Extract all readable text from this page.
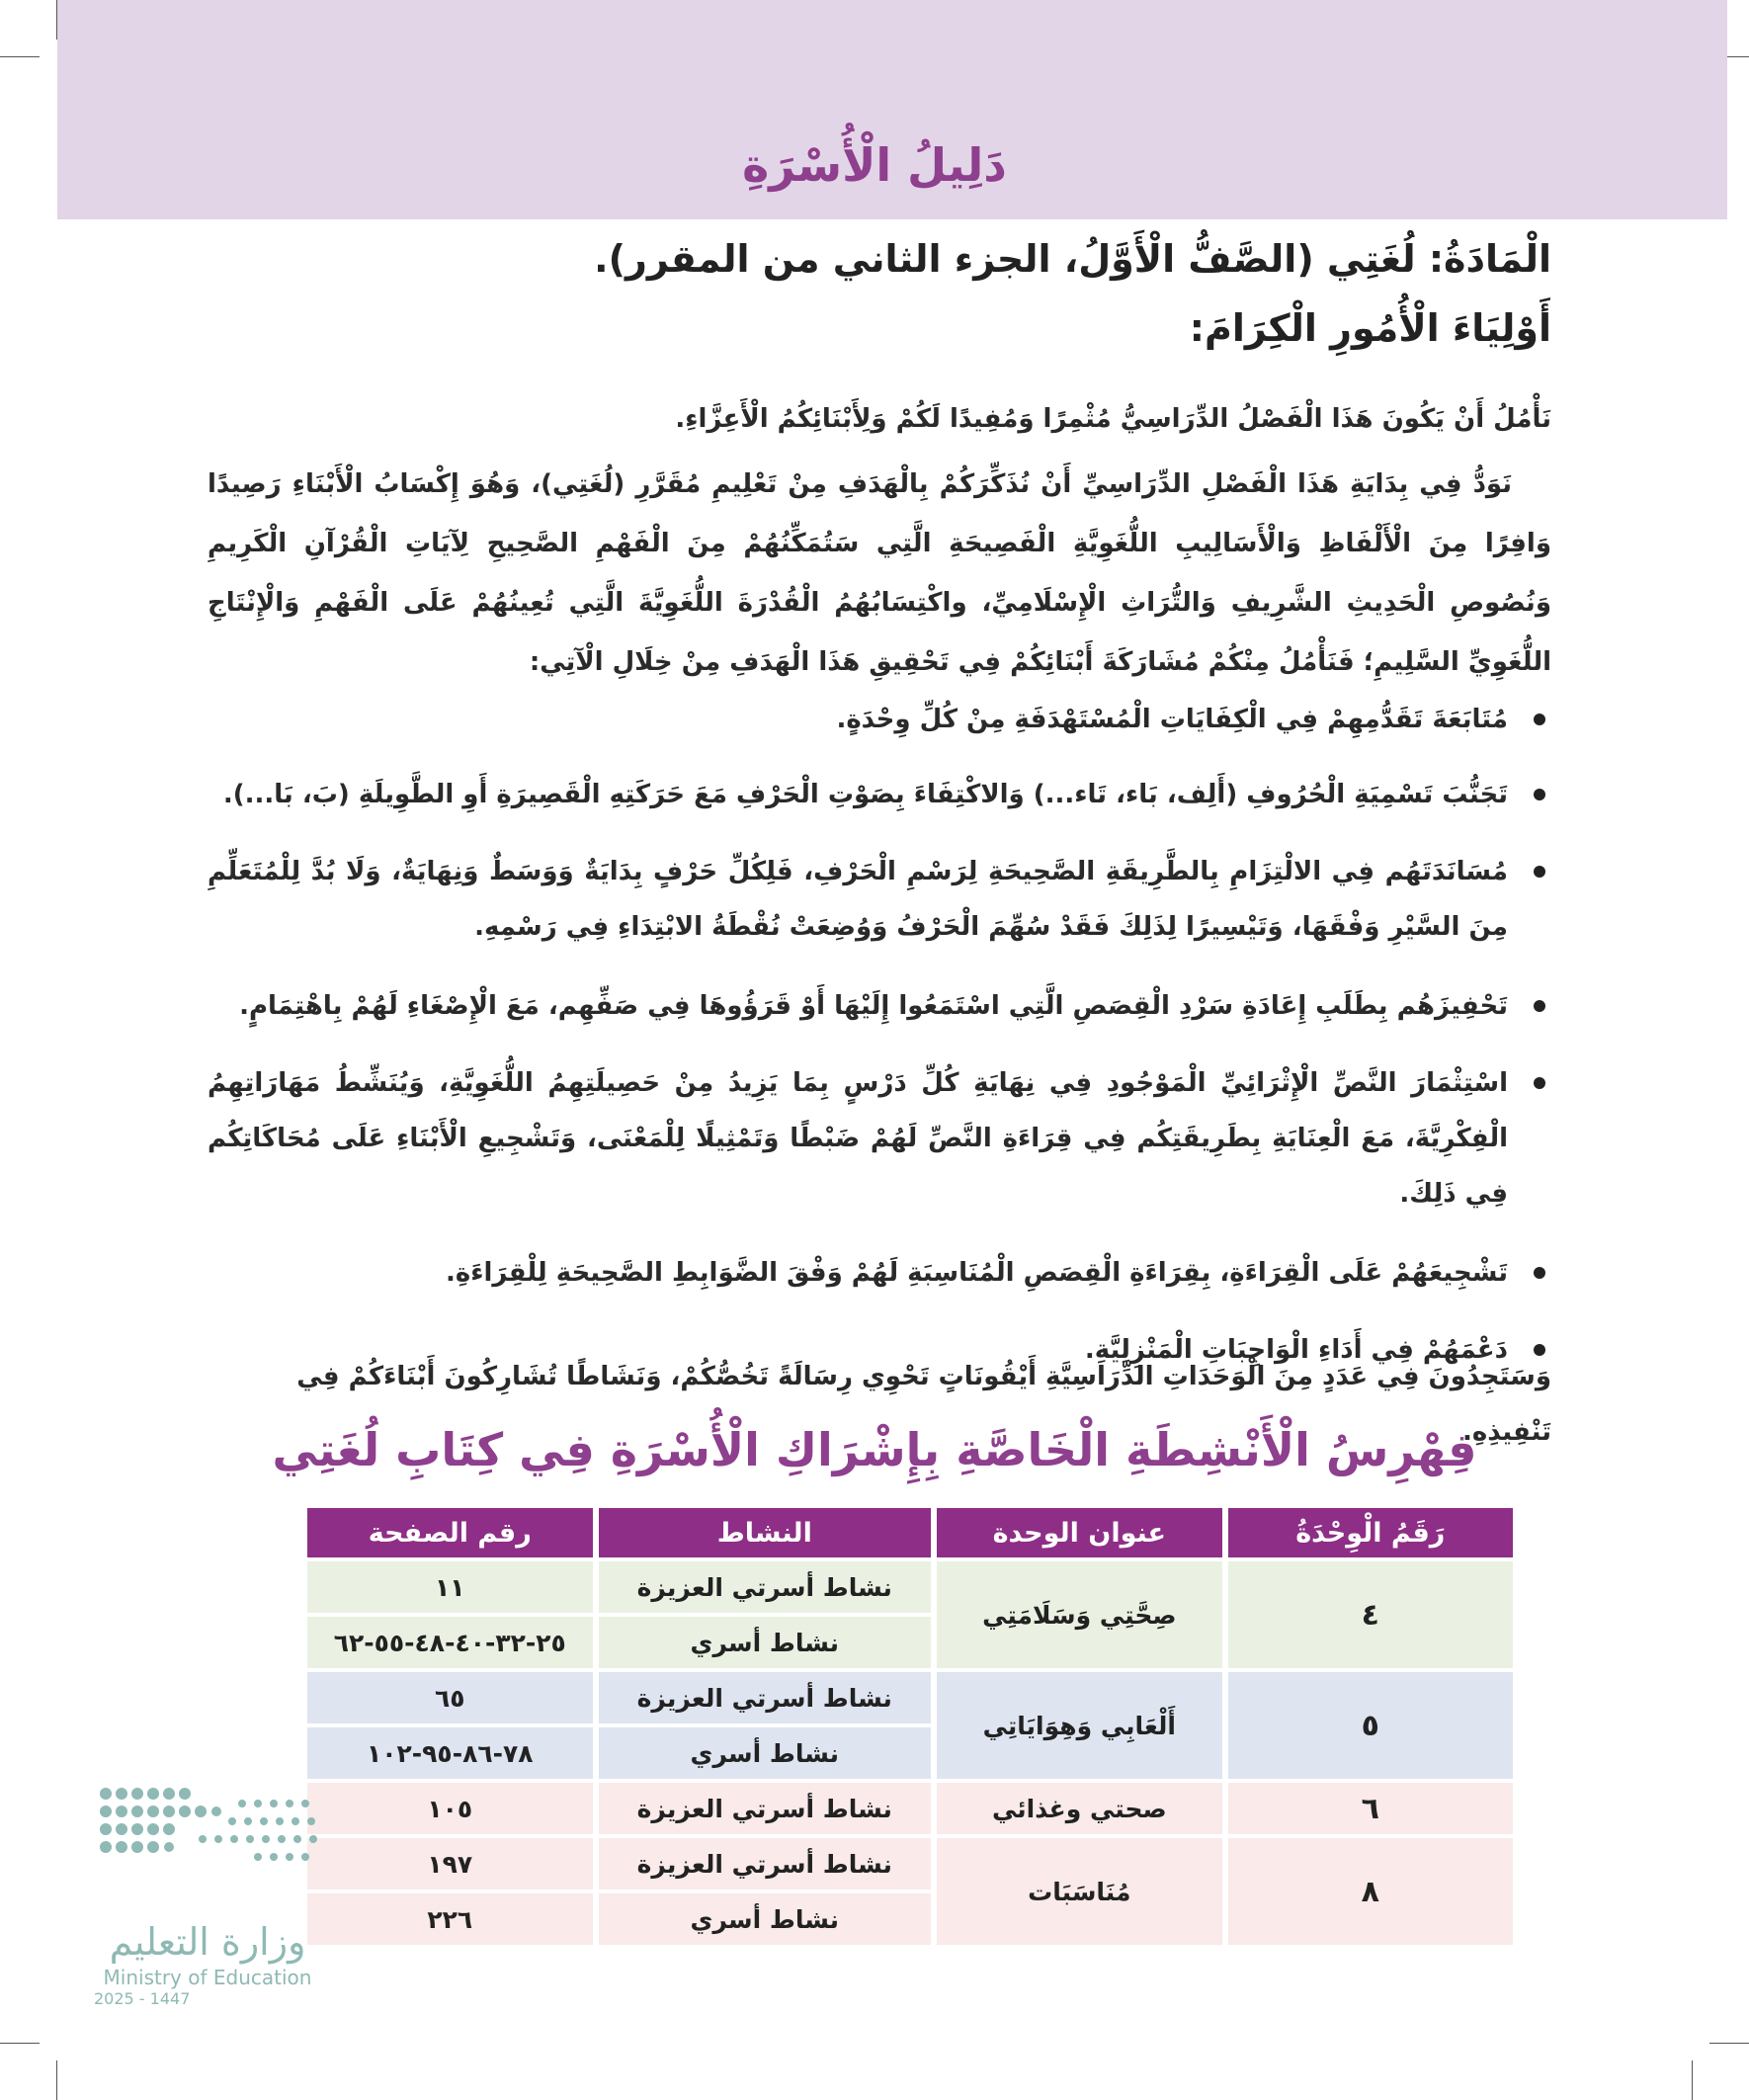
دَلِيلُ الْأُسْرَةِ
الْمَادَةُ: لُغَتِي (الصَّفُّ الْأَوَّلُ، الجزء الثاني من المقرر).
أَوْلِيَاءَ الْأُمُورِ الْكِرَامَ:
نَأْمُلُ أَنْ يَكُونَ هَذَا الْفَصْلُ الدِّرَاسِيُّ مُثْمِرًا وَمُفِيدًا لَكُمْ وَلِأَبْنَائِكُمُ الْأَعِزَّاءِ.
نَوَدُّ فِي بِدَايَةِ هَذَا الْفَصْلِ الدِّرَاسِيِّ أَنْ نُذَكِّرَكُمْ بِالْهَدَفِ مِنْ تَعْلِيمِ مُقَرَّرِ (لُغَتِي)، وَهُوَ إِكْسَابُ الْأَبْنَاءِ رَصِيدًا وَافِرًا مِنَ الْأَلْفَاظِ وَالْأَسَالِيبِ اللُّغَوِيَّةِ الْفَصِيحَةِ الَّتِي سَتُمَكِّنُهُمْ مِنَ الْفَهْمِ الصَّحِيحِ لِآيَاتِ الْقُرْآنِ الْكَرِيمِ وَنُصُوصِ الْحَدِيثِ الشَّرِيفِ وَالتُّرَاثِ الْإِسْلَامِيِّ، واكْتِسَابُهُمُ الْقُدْرَةَ اللُّغَوِيَّةَ الَّتِي تُعِينُهُمْ عَلَى الْفَهْمِ وَالْإِنْتَاجِ اللُّغَوِيِّ السَّلِيمِ؛ فَنَأْمُلُ مِنْكُمْ مُشَارَكَةَ أَبْنَائِكُمْ فِي تَحْقِيقِ هَذَا الْهَدَفِ مِنْ خِلَالِ الْآتِي:
مُتَابَعَةَ تَقَدُّمِهِمْ فِي الْكِفَايَاتِ الْمُسْتَهْدَفَةِ مِنْ كُلِّ وِحْدَةٍ.
تَجَنُّبَ تَسْمِيَةِ الْحُرُوفِ (أَلِف، بَاء، تَاء...) وَالاكْتِفَاءَ بِصَوْتِ الْحَرْفِ مَعَ حَرَكَتِهِ الْقَصِيرَةِ أَوِ الطَّوِيلَةِ (بَ، بَا...).
مُسَانَدَتَهُم فِي الالْتِزَامِ بِالطَّرِيقَةِ الصَّحِيحَةِ لِرَسْمِ الْحَرْفِ، فَلِكُلِّ حَرْفٍ بِدَايَةٌ وَوَسَطٌ وَنِهَايَةٌ، وَلَا بُدَّ لِلْمُتَعَلِّمِ مِنَ السَّيْرِ وَفْقَهَا، وَتَيْسِيرًا لِذَلِكَ فَقَدْ سُهِّمَ الْحَرْفُ وَوُضِعَتْ نُقْطَةُ الابْتِدَاءِ فِي رَسْمِهِ.
تَحْفِيزَهُم بِطَلَبِ إِعَادَةِ سَرْدِ الْقِصَصِ الَّتِي اسْتَمَعُوا إِلَيْهَا أَوْ قَرَؤُوهَا فِي صَفِّهِم، مَعَ الْإِصْغَاءِ لَهُمْ بِاهْتِمَامٍ.
اسْتِثْمَارَ النَّصِّ الْإِثْرَائِيِّ الْمَوْجُودِ فِي نِهَايَةِ كُلِّ دَرْسٍ بِمَا يَزِيدُ مِنْ حَصِيلَتِهِمُ اللُّغَوِيَّةِ، وَيُنَشِّطُ مَهَارَاتِهِمُ الْفِكْرِيَّةَ، مَعَ الْعِنَايَةِ بِطَرِيقَتِكُم فِي قِرَاءَةِ النَّصِّ لَهُمْ ضَبْطًا وَتَمْثِيلًا لِلْمَعْنَى، وَتَشْجِيعِ الْأَبْنَاءِ عَلَى مُحَاكَاتِكُم فِي ذَلِكَ.
تَشْجِيعَهُمْ عَلَى الْقِرَاءَةِ، بِقِرَاءَةِ الْقِصَصِ الْمُنَاسِبَةِ لَهُمْ وَفْقَ الضَّوَابِطِ الصَّحِيحَةِ لِلْقِرَاءَةِ.
دَعْمَهُمْ فِي أَدَاءِ الْوَاجِبَاتِ الْمَنْزِلِيَّةِ.
وَسَتَجِدُونَ فِي عَدَدٍ مِنَ الْوَحَدَاتِ الدِّرَاسِيَّةِ أَيْقُونَاتٍ تَحْوِي رِسَالَةً تَخُصُّكُمْ، وَنَشَاطًا تُشَارِكُونَ أَبْنَاءَكُمْ فِي تَنْفِيذِهِ.
فِهْرِسُ الْأَنْشِطَةِ الْخَاصَّةِ بِإِشْرَاكِ الْأُسْرَةِ فِي كِتَابِ لُغَتِي
رَقَمُ الْوِحْدَةُ	عنوان الوحدة	النشاط	رقم الصفحة
٤	صِحَّتِي وَسَلَامَتِي	نشاط أسرتي العزيزة	١١
		نشاط أسري	٢٥-٣٢-٤٠-٤٨-٥٥-٦٢
٥	أَلْعَابِي وَهِوَايَاتِي	نشاط أسرتي العزيزة	٦٥
		نشاط أسري	٧٨-٨٦-٩٥-١٠٢
٦	صحتي وغذائي	نشاط أسرتي العزيزة	١٠٥
٨	مُنَاسَبَات	نشاط أسرتي العزيزة	١٩٧
		نشاط أسري	٢٢٦
وزارة التعليم
Ministry of Education
2025 - 1447
